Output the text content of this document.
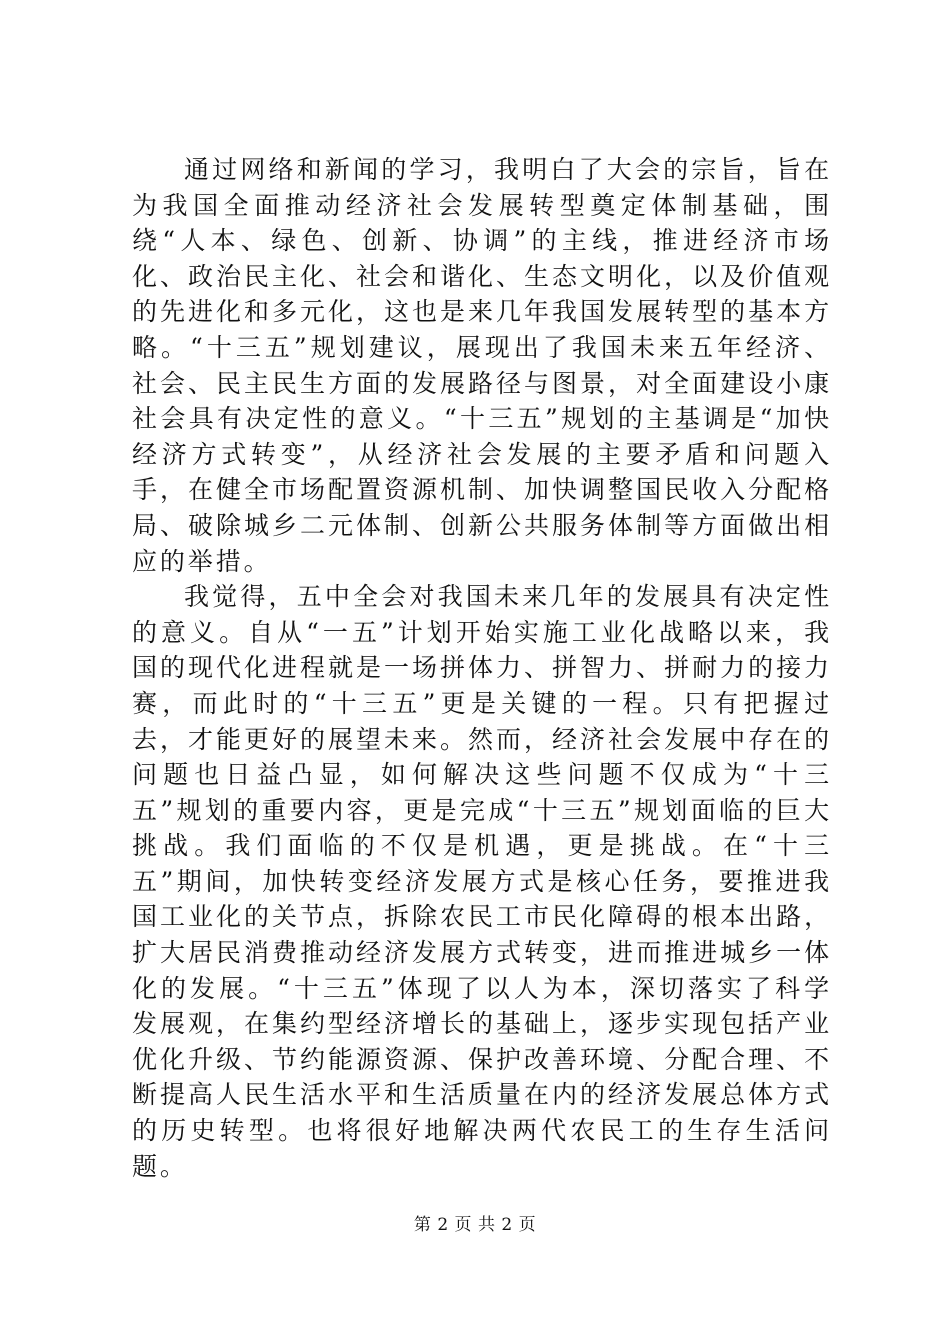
通过网络和新闻的学习，我明白了大会的宗旨，旨在为我国全面推动经济社会发展转型奠定体制基础，围绕“人本、绿色、创新、协调”的主线，推进经济市场化、政治民主化、社会和谐化、生态文明化，以及价值观的先进化和多元化，这也是来几年我国发展转型的基本方略。“十三五”规划建议，展现出了我国未来五年经济、社会、民主民生方面的发展路径与图景，对全面建设小康社会具有决定性的意义。“十三五”规划的主基调是“加快经济方式转变”，从经济社会发展的主要矛盾和问题入手，在健全市场配置资源机制、加快调整国民收入分配格局、破除城乡二元体制、创新公共服务体制等方面做出相应的举措。

我觉得，五中全会对我国未来几年的发展具有决定性的意义。自从“一五”计划开始实施工业化战略以来，我国的现代化进程就是一场拼体力、拼智力、拼耐力的接力赛，而此时的“十三五”更是关键的一程。只有把握过去，才能更好的展望未来。然而，经济社会发展中存在的问题也日益凸显，如何解决这些问题不仅成为“十三五”规划的重要内容，更是完成“十三五”规划面临的巨大挑战。我们面临的不仅是机遇，更是挑战。在“十三五”期间，加快转变经济发展方式是核心任务，要推进我国工业化的关节点，拆除农民工市民化障碍的根本出路，扩大居民消费推动经济发展方式转变，进而推进城乡一体化的发展。“十三五”体现了以人为本，深切落实了科学发展观，在集约型经济增长的基础上，逐步实现包括产业优化升级、节约能源资源、保护改善环境、分配合理、不断提高人民生活水平和生活质量在内的经济发展总体方式的历史转型。也将很好地解决两代农民工的生存生活问题。

第 2 页 共 2 页
